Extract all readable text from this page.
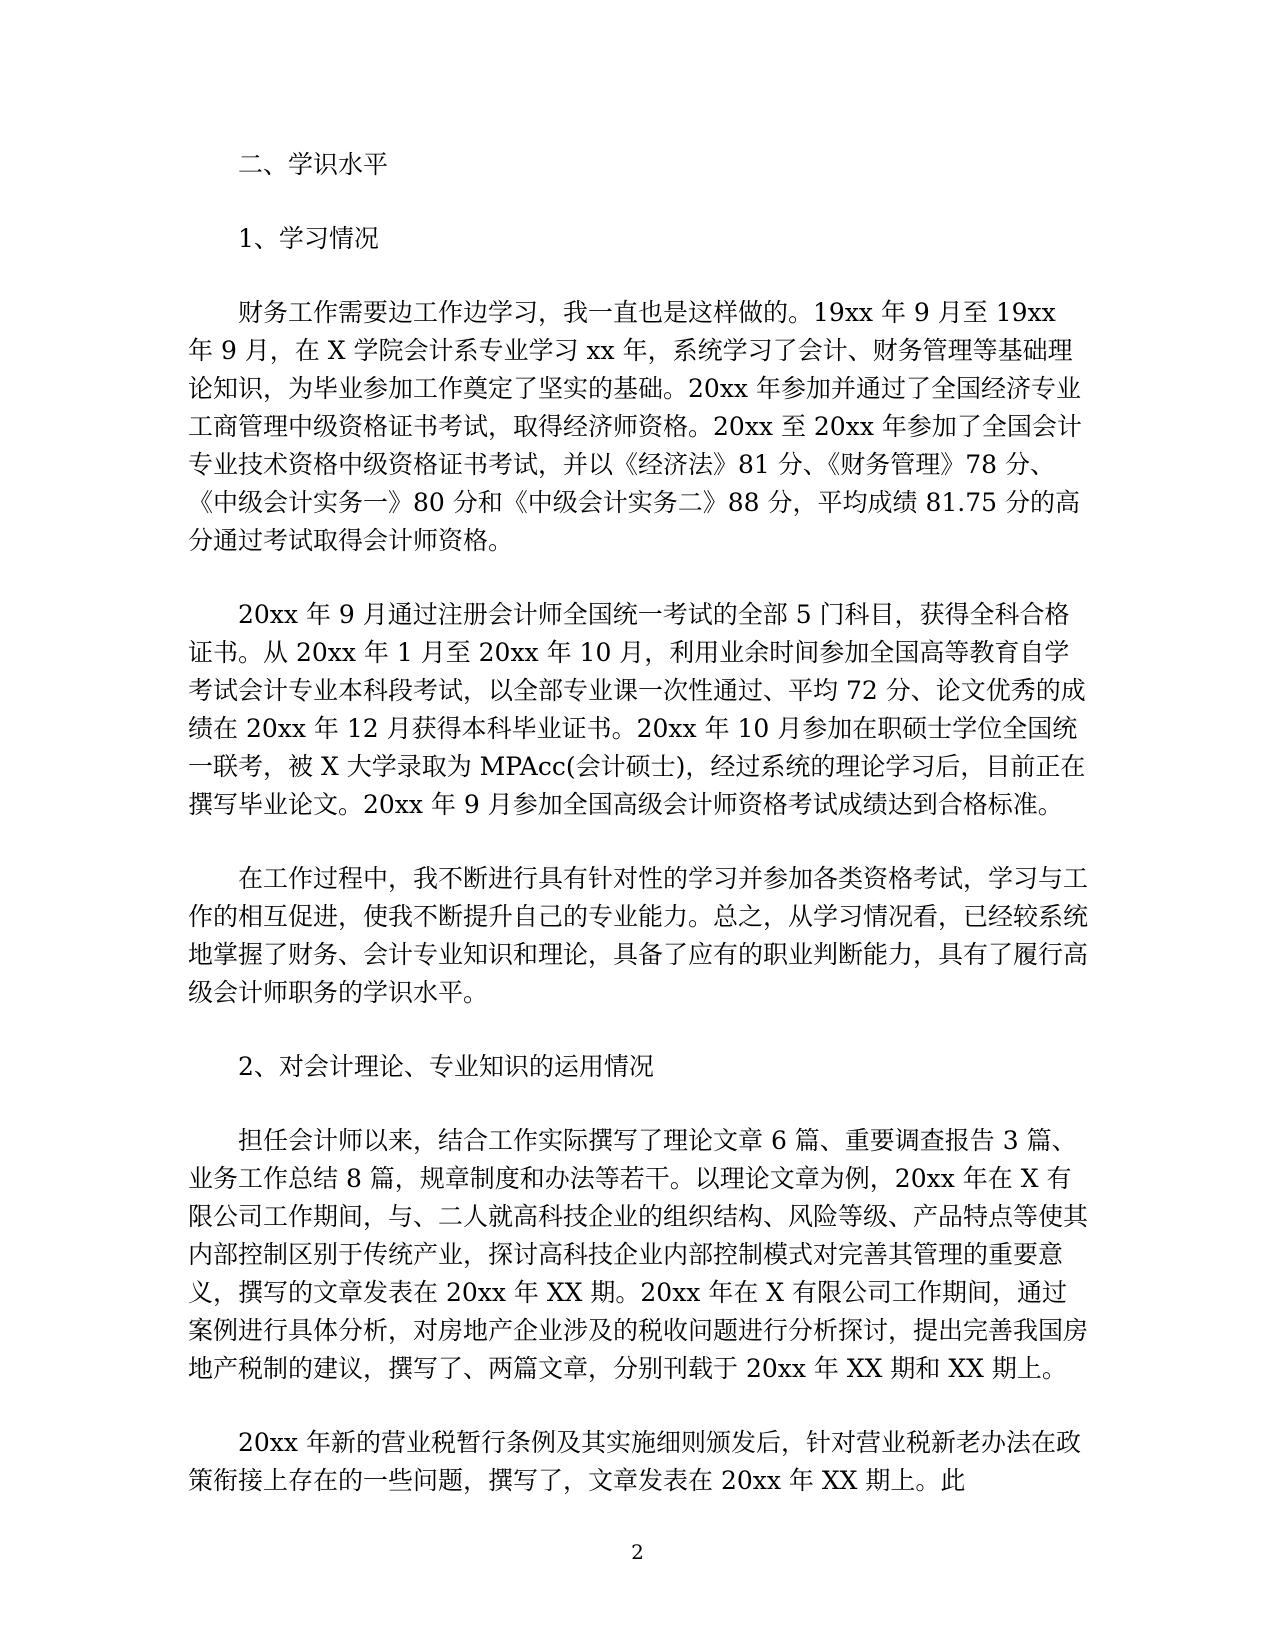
二、学识水平

1、学习情况

财务工作需要边工作边学习，我一直也是这样做的。19xx 年 9 月至 19xx 年 9 月，在 X 学院会计系专业学习 xx 年，系统学习了会计、财务管理等基础理论知识，为毕业参加工作奠定了坚实的基础。20xx 年参加并通过了全国经济专业工商管理中级资格证书考试，取得经济师资格。20xx 至 20xx 年参加了全国会计专业技术资格中级资格证书考试，并以《经济法》81 分、《财务管理》78 分、《中级会计实务一》80 分和《中级会计实务二》88 分，平均成绩 81.75 分的高分通过考试取得会计师资格。

20xx 年 9 月通过注册会计师全国统一考试的全部 5 门科目，获得全科合格证书。从 20xx 年 1 月至 20xx 年 10 月，利用业余时间参加全国高等教育自学考试会计专业本科段考试，以全部专业课一次性通过、平均 72 分、论文优秀的成绩在 20xx 年 12 月获得本科毕业证书。20xx 年 10 月参加在职硕士学位全国统一联考，被 X 大学录取为 MPAcc(会计硕士)，经过系统的理论学习后，目前正在撰写毕业论文。20xx 年 9 月参加全国高级会计师资格考试成绩达到合格标准。

在工作过程中，我不断进行具有针对性的学习并参加各类资格考试，学习与工作的相互促进，使我不断提升自己的专业能力。总之，从学习情况看，已经较系统地掌握了财务、会计专业知识和理论，具备了应有的职业判断能力，具有了履行高级会计师职务的学识水平。

2、对会计理论、专业知识的运用情况

担任会计师以来，结合工作实际撰写了理论文章 6 篇、重要调查报告 3 篇、业务工作总结 8 篇，规章制度和办法等若干。以理论文章为例，20xx 年在 X 有限公司工作期间，与、二人就高科技企业的组织结构、风险等级、产品特点等使其内部控制区别于传统产业，探讨高科技企业内部控制模式对完善其管理的重要意义，撰写的文章发表在 20xx 年 XX 期。20xx 年在 X 有限公司工作期间，通过案例进行具体分析，对房地产企业涉及的税收问题进行分析探讨，提出完善我国房地产税制的建议，撰写了、两篇文章，分别刊载于 20xx 年 XX 期和 XX 期上。

20xx 年新的营业税暂行条例及其实施细则颁发后，针对营业税新老办法在政策衔接上存在的一些问题，撰写了，文章发表在 20xx 年 XX 期上。此

2
